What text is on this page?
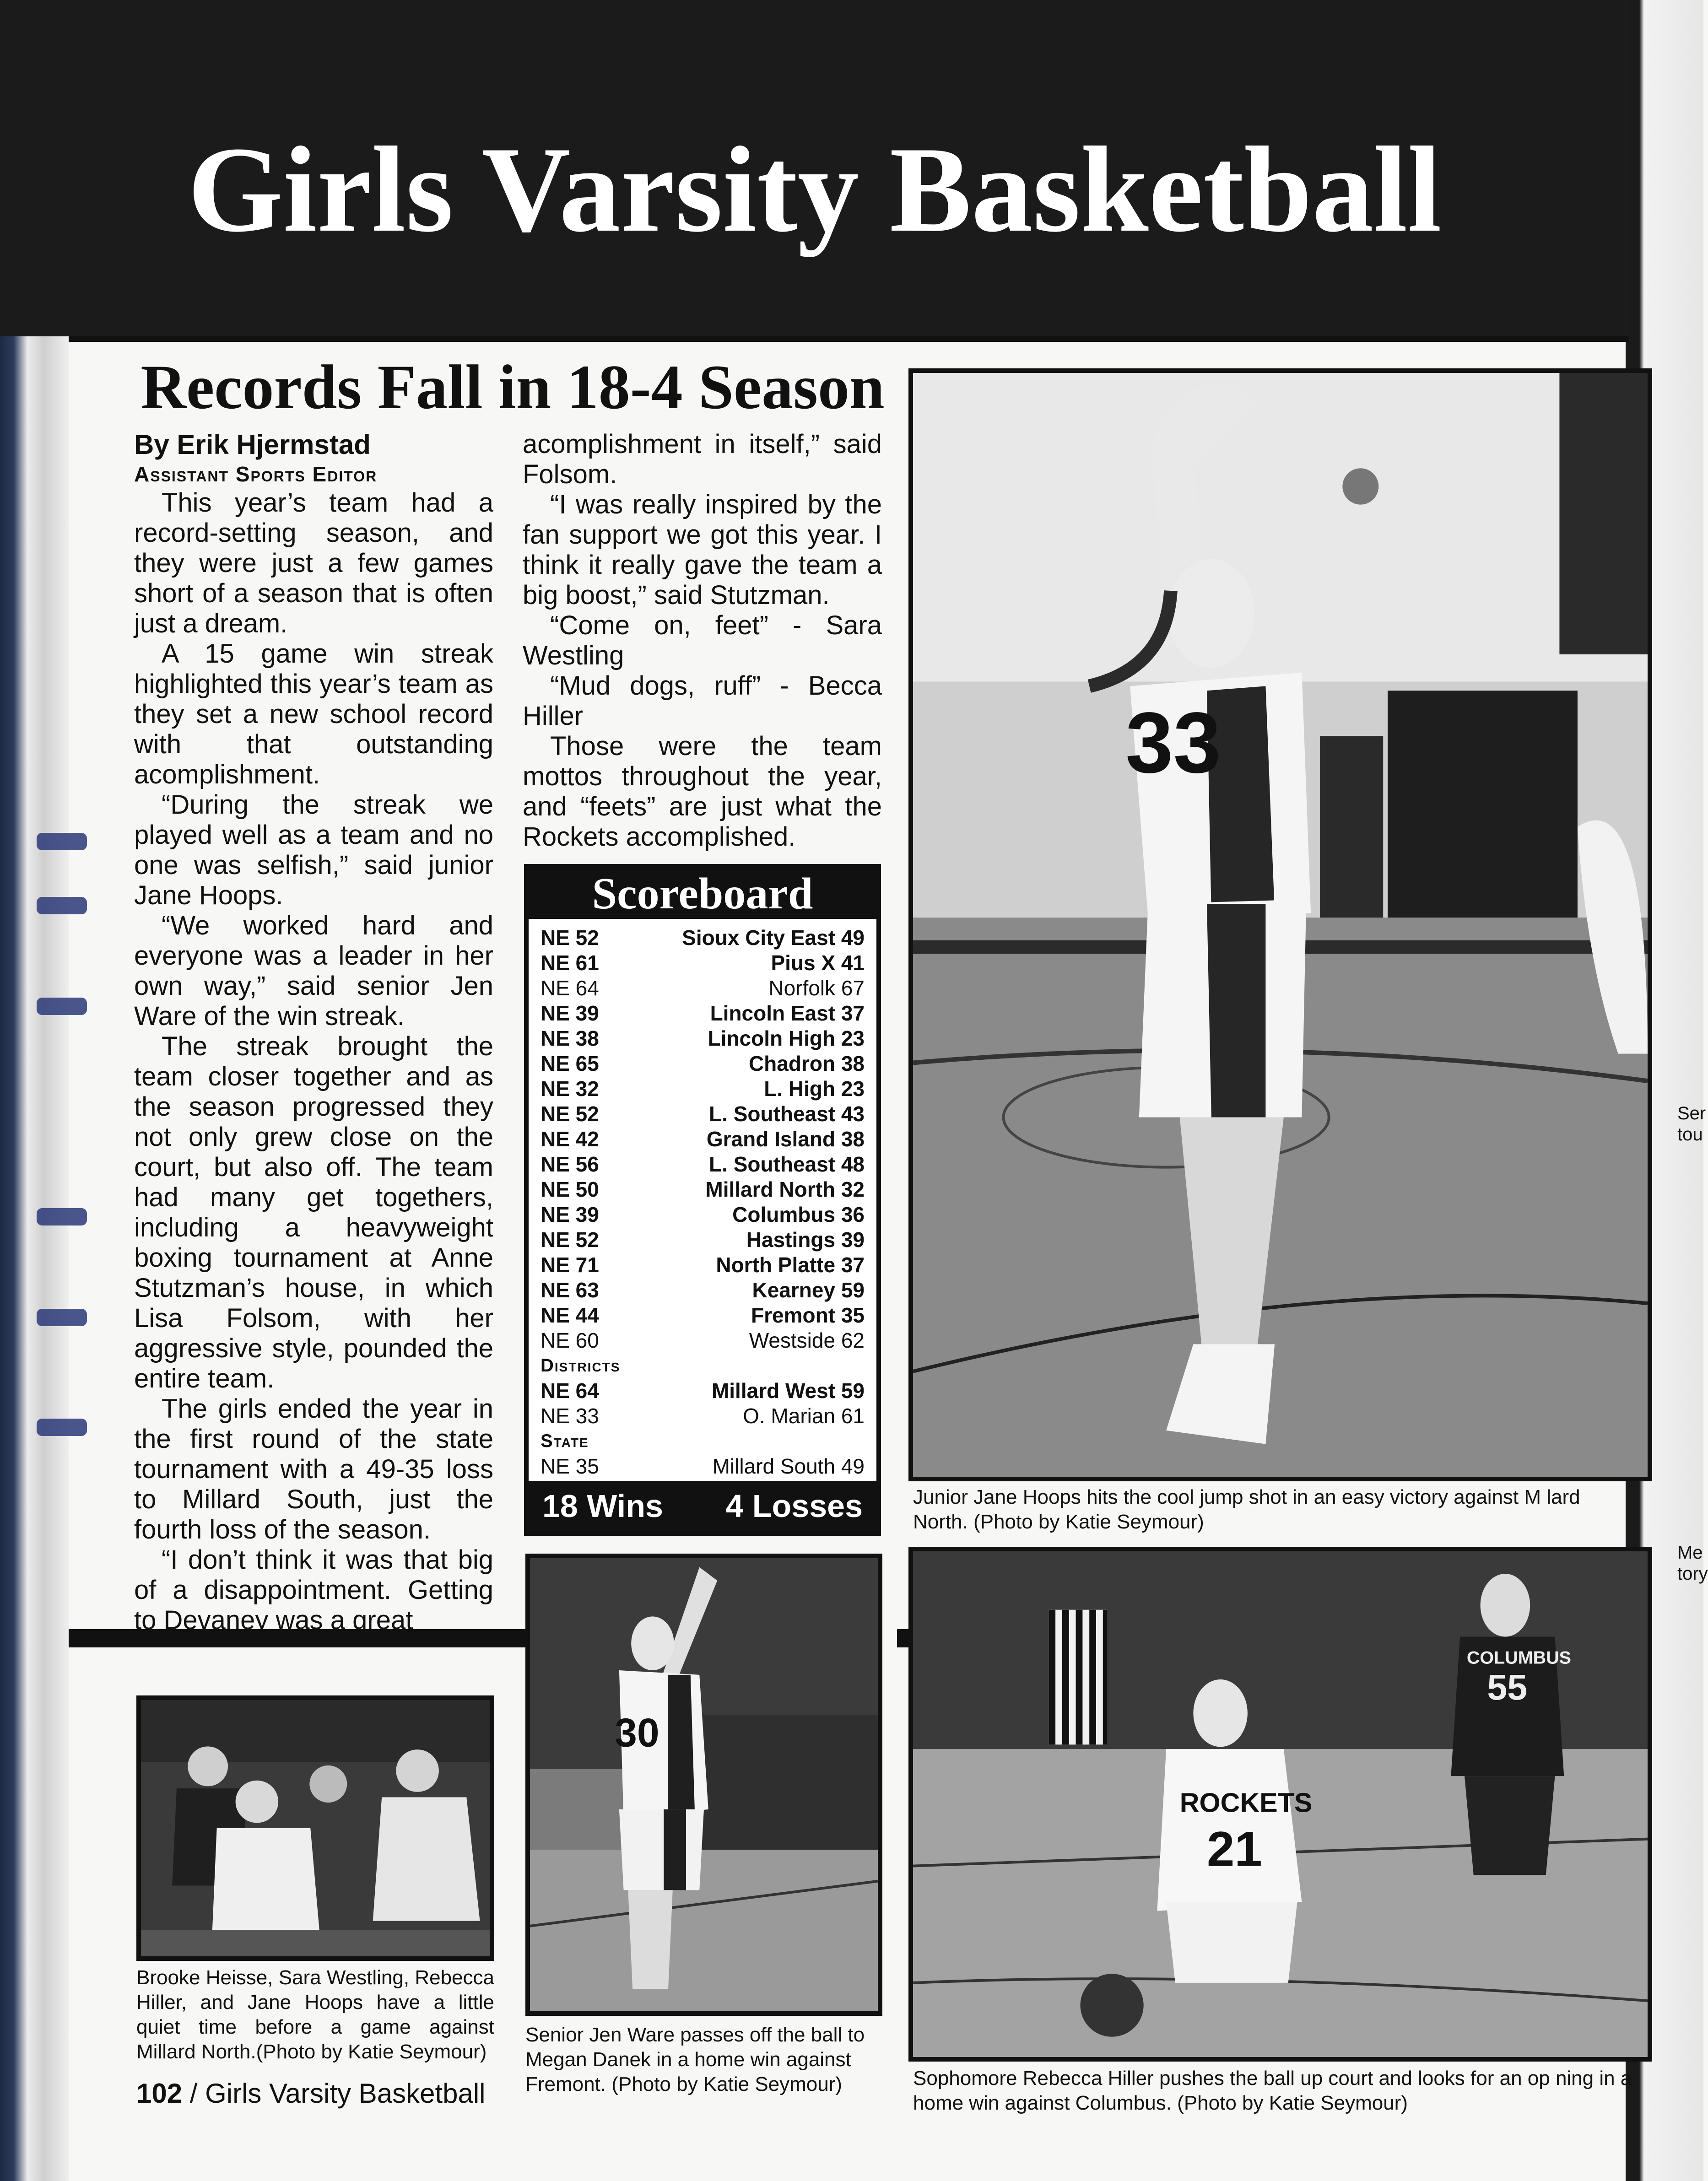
Girls Varsity Basketball
Records Fall in 18-4 Season
By Erik Hjermstad
Assistant Sports Editor

This year’s team had a record-setting season, and they were just a few games short of a season that is often just a dream.

A 15 game win streak highlighted this year’s team as they set a new school record with that outstanding acomplishment.

“During the streak we played well as a team and no one was selfish,” said junior Jane Hoops.

“We worked hard and everyone was a leader in her own way,” said senior Jen Ware of the win streak.

The streak brought the team closer together and as the season progressed they not only grew close on the court, but also off. The team had many get togethers, including a heavyweight boxing tournament at Anne Stutzman’s house, in which Lisa Folsom, with her aggressive style, pounded the entire team.

The girls ended the year in the first round of the state tournament with a 49-35 loss to Millard South, just the fourth loss of the season.

“I don’t think it was that big of a disappointment. Getting to Devaney was a great

acomplishment in itself,” said Folsom.

“I was really inspired by the fan support we got this year. I think it really gave the team a big boost,” said Stutzman.

“Come on, feet” - Sara Westling

“Mud dogs, ruff” - Becca Hiller

Those were the team mottos throughout the year, and “feets” are just what the Rockets accomplished.

Scoreboard
NE 52	Sioux City East 49
NE 61	Pius X 41
NE 64	Norfolk 67
NE 39	Lincoln East 37
NE 38	Lincoln High 23
NE 65	Chadron 38
NE 32	L. High 23
NE 52	L. Southeast 43
NE 42	Grand Island 38
NE 56	L. Southeast 48
NE 50	Millard North 32
NE 39	Columbus 36
NE 52	Hastings 39
NE 71	North Platte 37
NE 63	Kearney 59
NE 44	Fremont 35
NE 60	Westside 62
Districts
NE 64	Millard West 59
NE 33	O. Marian 61
State
NE 35	Millard South 49
18 Wins 4 Losses
33
Junior Jane Hoops hits the cool jump shot in an easy victory against M lard North. (Photo by Katie Seymour)
Brooke Heisse, Sara Westling, Rebecca Hiller, and Jane Hoops have a little quiet time before a game against Millard North.(Photo by Katie Seymour)
30
Senior Jen Ware passes off the ball to Megan Danek in a home win against Fremont. (Photo by Katie Seymour)
ROCKETS
21
COLUMBUS
55
Sophomore Rebecca Hiller pushes the ball up court and looks for an op ning in a home win against Columbus. (Photo by Katie Seymour)
Ser
tou
Me
tory
102 / Girls Varsity Basketball
